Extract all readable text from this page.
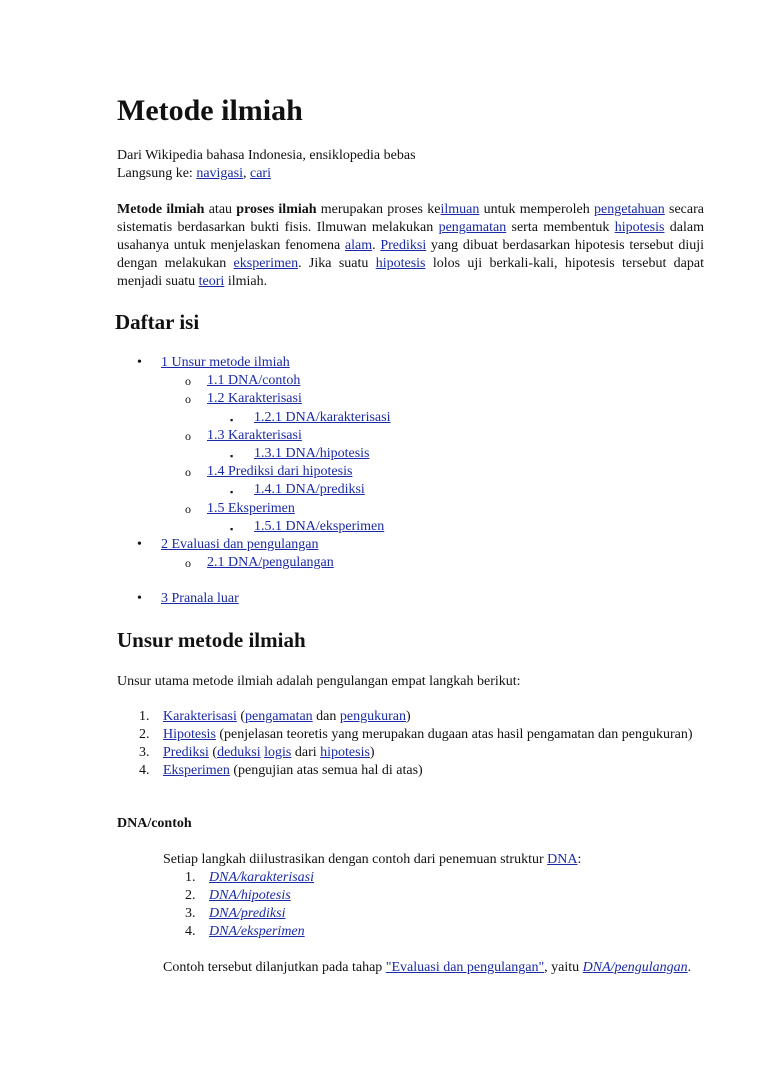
Metode ilmiah
Dari Wikipedia bahasa Indonesia, ensiklopedia bebas
Langsung ke: navigasi, cari

Metode ilmiah atau proses ilmiah merupakan proses keilmuan untuk memperoleh pengetahuan secara sistematis berdasarkan bukti fisis. Ilmuwan melakukan pengamatan serta membentuk hipotesis dalam usahanya untuk menjelaskan fenomena alam. Prediksi yang dibuat berdasarkan hipotesis tersebut diuji dengan melakukan eksperimen. Jika suatu hipotesis lolos uji berkali-kali, hipotesis tersebut dapat menjadi suatu teori ilmiah.

Daftar isi
• 1 Unsur metode ilmiah
o 1.1 DNA/contoh
o 1.2 Karakterisasi
▪ 1.2.1 DNA/karakterisasi
o 1.3 Karakterisasi
▪ 1.3.1 DNA/hipotesis
o 1.4 Prediksi dari hipotesis
▪ 1.4.1 DNA/prediksi
o 1.5 Eksperimen
▪ 1.5.1 DNA/eksperimen
• 2 Evaluasi dan pengulangan
o 2.1 DNA/pengulangan
• 3 Pranala luar
Unsur metode ilmiah
Unsur utama metode ilmiah adalah pengulangan empat langkah berikut:
1. Karakterisasi (pengamatan dan pengukuran)
2. Hipotesis (penjelasan teoretis yang merupakan dugaan atas hasil pengamatan dan pengukuran)
3. Prediksi (deduksi logis dari hipotesis)
4. Eksperimen (pengujian atas semua hal di atas)
DNA/contoh
Setiap langkah diilustrasikan dengan contoh dari penemuan struktur DNA:
1. DNA/karakterisasi
2. DNA/hipotesis
3. DNA/prediksi
4. DNA/eksperimen

Contoh tersebut dilanjutkan pada tahap "Evaluasi dan pengulangan", yaitu DNA/pengulangan.
